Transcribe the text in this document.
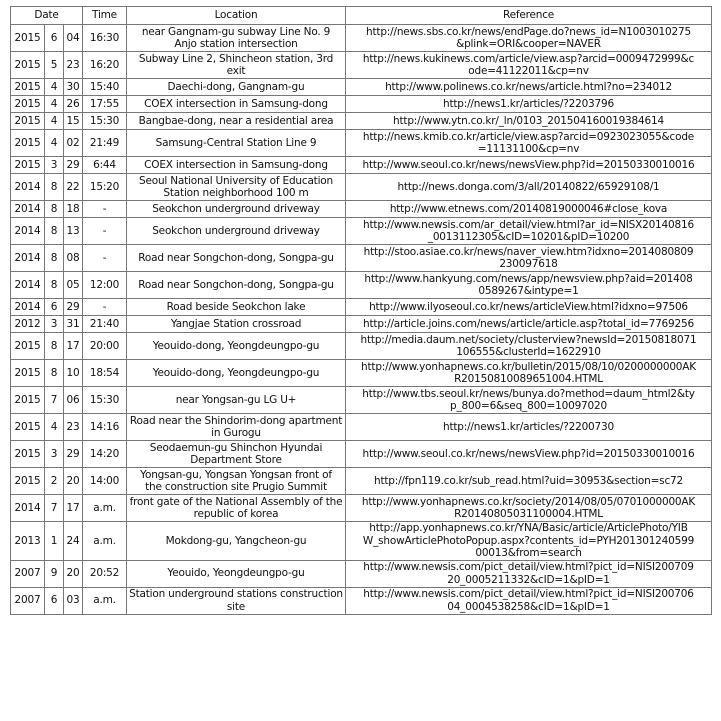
Date			Time	Location	Reference
2015	6	04	16:30	near Gangnam-gu subway Line No. 9
Anjo station intersection	http://news.sbs.co.kr/news/endPage.do?news_id=N1003010275
&plink=ORI&cooper=NAVER
2015	5	23	16:20	Subway Line 2, Shincheon station, 3rd exit	http://news.kukinews.com/article/view.asp?arcid=0009472999&c
ode=41122011&cp=nv
2015	4	30	15:40	Daechi-dong, Gangnam-gu	http://www.polinews.co.kr/news/article.html?no=234012
2015	4	26	17:55	COEX intersection in Samsung-dong	http://news1.kr/articles/?2203796
2015	4	15	15:30	Bangbae-dong, near a residential area	http://www.ytn.co.kr/_ln/0103_201504160019384614
2015	4	02	21:49	Samsung-Central Station Line 9	http://news.kmib.co.kr/article/view.asp?arcid=0923023055&code
=11131100&cp=nv
2015	3	29	6:44	COEX intersection in Samsung-dong	http://www.seoul.co.kr/news/newsView.php?id=20150330010016
2014	8	22	15:20	Seoul National University of Education
Station neighborhood 100 m	http://news.donga.com/3/all/20140822/65929108/1
2014	8	18	-	Seokchon underground driveway	http://www.etnews.com/20140819000046#close_kova
2014	8	13	-	Seokchon underground driveway	http://www.newsis.com/ar_detail/view.html?ar_id=NISX20140816
_0013112305&cID=10201&pID=10200
2014	8	08	-	Road near Songchon-dong, Songpa-gu	http://stoo.asiae.co.kr/news/naver_view.htm?idxno=2014080809
230097618
2014	8	05	12:00	Road near Songchon-dong, Songpa-gu	http://www.hankyung.com/news/app/newsview.php?aid=201408
0589267&intype=1
2014	6	29	-	Road beside Seokchon lake	http://www.ilyoseoul.co.kr/news/articleView.html?idxno=97506
2012	3	31	21:40	Yangjae Station crossroad	http://article.joins.com/news/article/article.asp?total_id=7769256
2015	8	17	20:00	Yeouido-dong, Yeongdeungpo-gu	http://media.daum.net/society/clusterview?newsId=20150818071
106555&clusterId=1622910
2015	8	10	18:54	Yeouido-dong, Yeongdeungpo-gu	http://www.yonhapnews.co.kr/bulletin/2015/08/10/0200000000AK
R20150810089651004.HTML
2015	7	06	15:30	near Yongsan-gu LG U+	http://www.tbs.seoul.kr/news/bunya.do?method=daum_html2&ty
p_800=6&seq_800=10097020
2015	4	23	14:16	Road near the Shindorim-dong apartment
in Gurogu	http://news1.kr/articles/?2200730
2015	3	29	14:20	Seodaemun-gu Shinchon Hyundai
Department Store	http://www.seoul.co.kr/news/newsView.php?id=20150330010016
2015	2	20	14:00	Yongsan-gu, Yongsan Yongsan front of
the construction site Prugio Summit	http://fpn119.co.kr/sub_read.html?uid=30953&section=sc72
2014	7	17	a.m.	front gate of the National Assembly of the
republic of korea	http://www.yonhapnews.co.kr/society/2014/08/05/0701000000AK
R20140805031100004.HTML
2013	1	24	a.m.	Mokdong-gu, Yangcheon-gu	http://app.yonhapnews.co.kr/YNA/Basic/article/ArticlePhoto/YIB
W_showArticlePhotoPopup.aspx?contents_id=PYH201301240599
00013&from=search
2007	9	20	20:52	Yeouido, Yeongdeungpo-gu	http://www.newsis.com/pict_detail/view.html?pict_id=NISI200709
20_0005211332&cID=1&pID=1
2007	6	03	a.m.	Station underground stations construction
site	http://www.newsis.com/pict_detail/view.html?pict_id=NISI200706
04_0004538258&cID=1&pID=1
